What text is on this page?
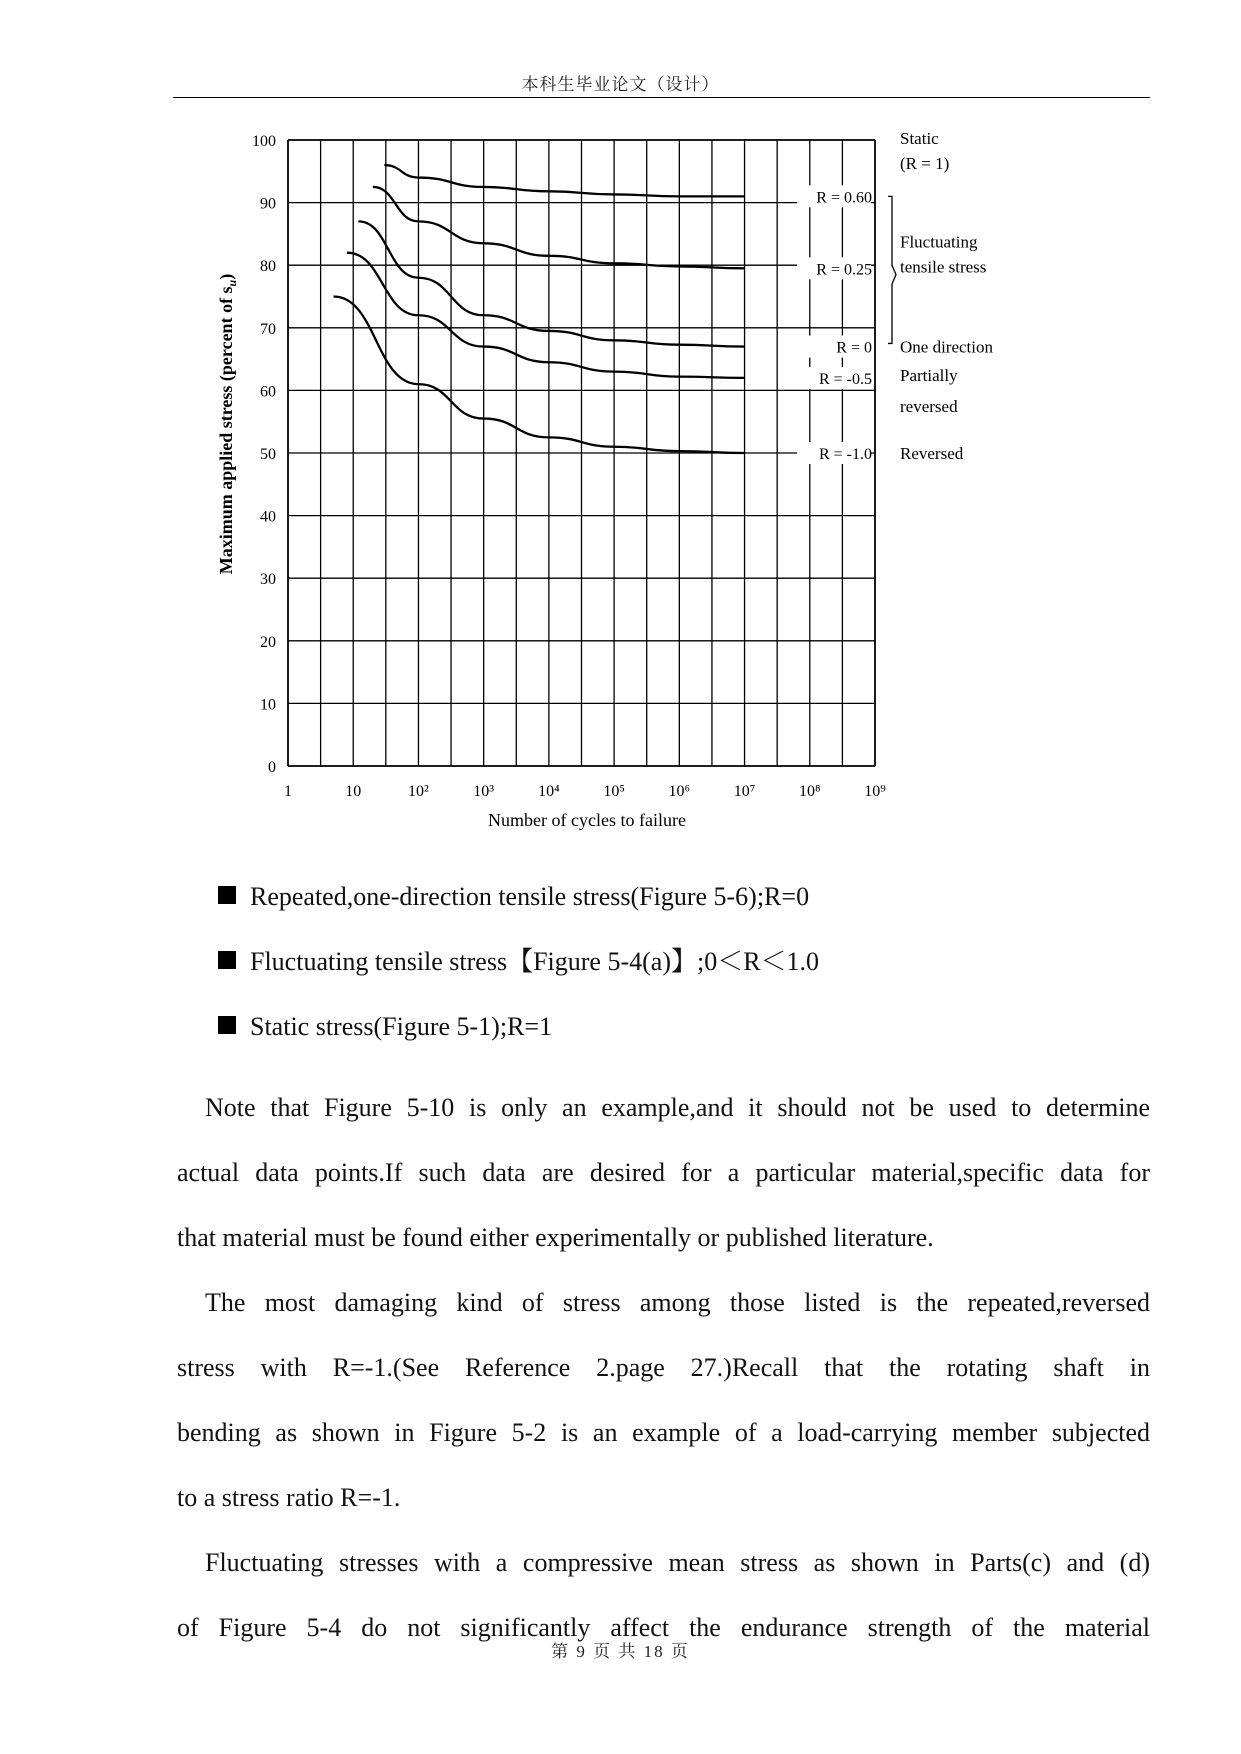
本科生毕业论文（设计）
R = 0.60
R = 0.25
R = 0
R = -0.5
R = -1.0
0
10
20
30
40
50
60
70
80
90
100
1	10	10²	10³	10⁴	10⁵	10⁶	10⁷	10⁸	10⁹
Static
(R = 1)
Fluctuating
tensile stress
One direction
Partially
reversed
Reversed
Number of cycles to failure
Maximum applied stress (percent of $s_u$)
Repeated,one-direction tensile stress(Figure 5-6);R=0
Fluctuating tensile stress【Figure 5-4(a)】;0＜R＜1.0
Static stress(Figure 5-1);R=1
Note that Figure 5-10 is only an example,and it should not be used to determine
actual data points.If such data are desired for a particular material,specific data for
that material must be found either experimentally or published literature.
The most damaging kind of stress among those listed is the repeated,reversed
stress with R=-1.(See Reference 2.page 27.)Recall that the rotating shaft in
bending as shown in Figure 5-2 is an example of a load-carrying member subjected
to a stress ratio R=-1.
Fluctuating stresses with a compressive mean stress as shown in Parts(c) and (d)
of Figure 5-4 do not significantly affect the endurance strength of the material
第 9 页 共 18 页
